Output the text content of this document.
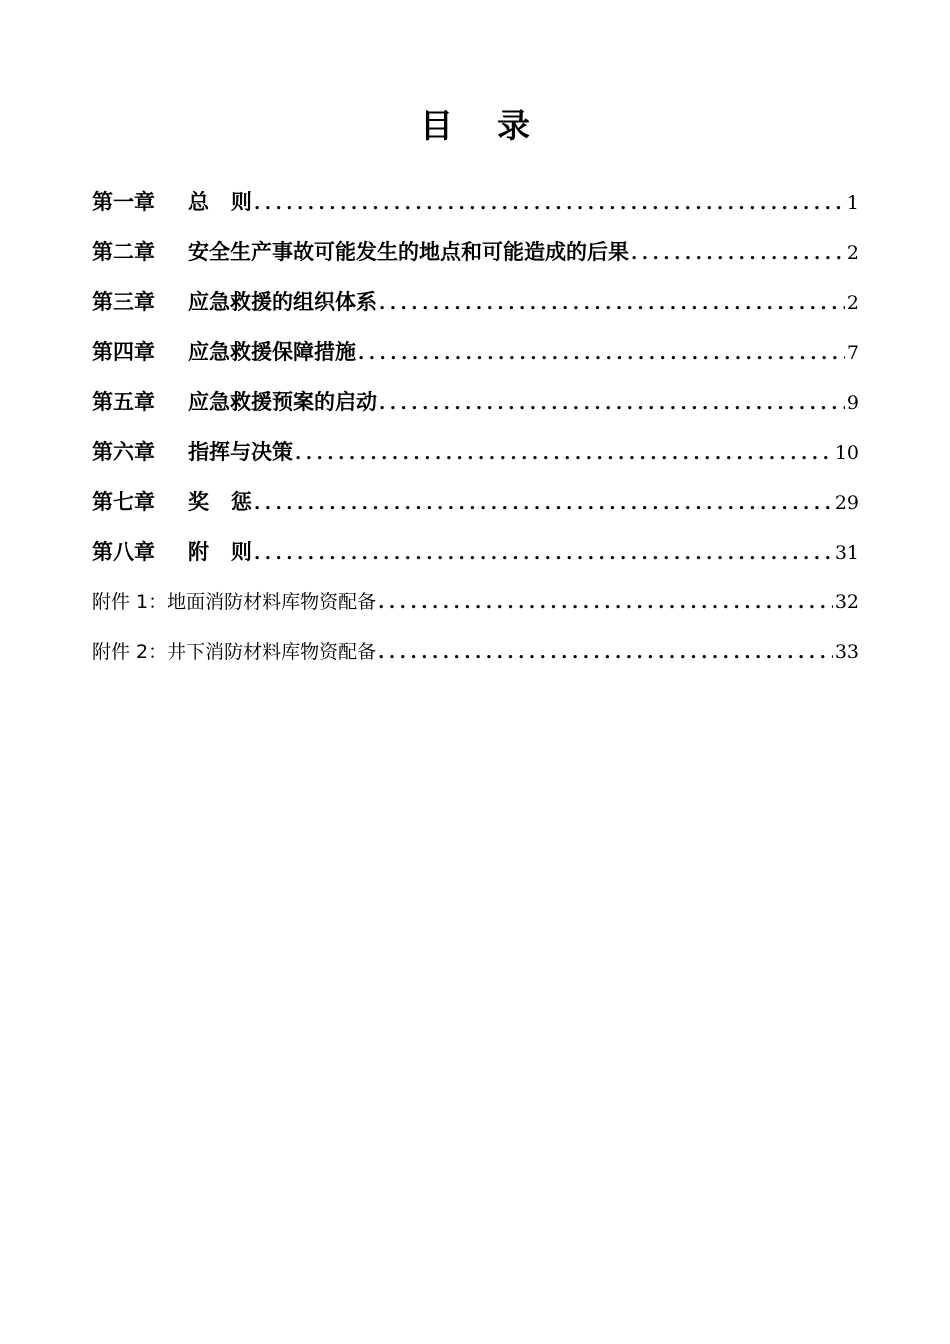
目 录
第一章	总   则 .....	1
第二章	安全生产事故可能发生的地点和可能造成的后果 .....	2
第三章	应急救援的组织体系 .....	2
第四章	应急救援保障措施 .....	7
第五章	应急救援预案的启动 .....	9
第六章	指挥与决策 .....	10
第七章	奖   惩 .....	29
第八章	附   则 .....	31
附件 1：地面消防材料库物资配备 .....	32
附件 2：井下消防材料库物资配备 .....	33
